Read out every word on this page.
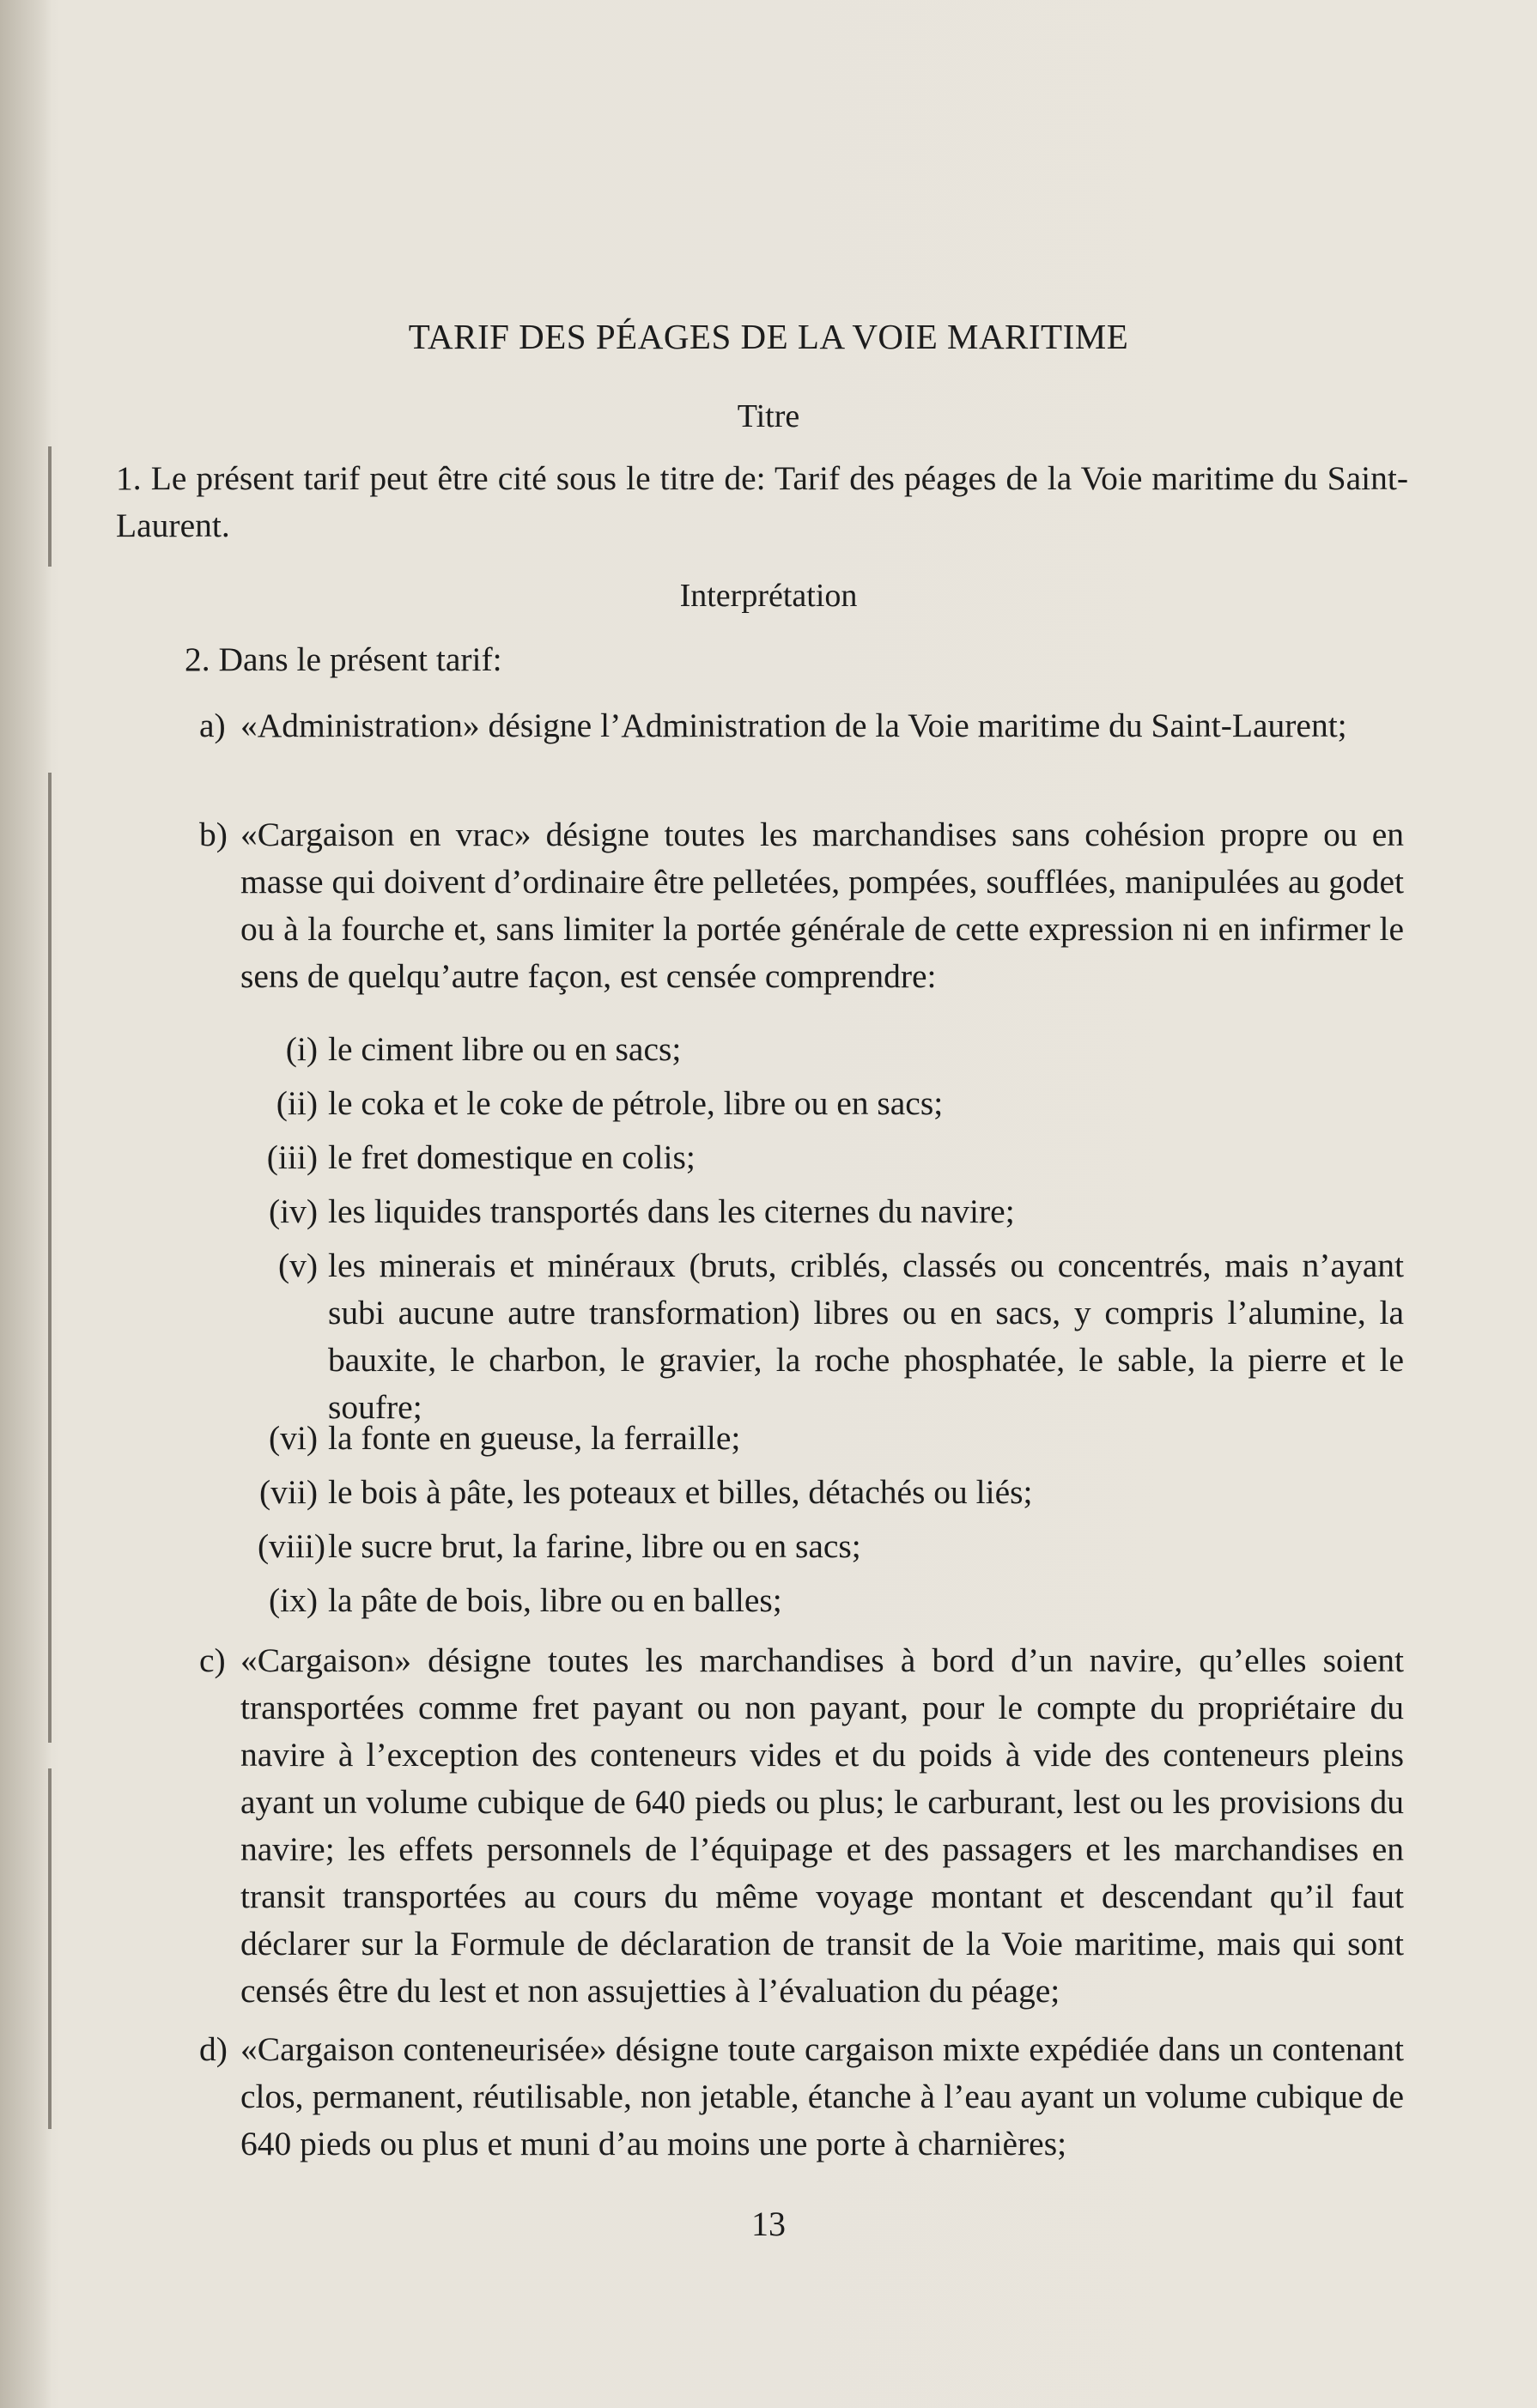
TARIF DES PÉAGES DE LA VOIE MARITIME
Titre
1. Le présent tarif peut être cité sous le titre de: Tarif des péages de la Voie maritime du Saint-Laurent.
Interprétation
2. Dans le présent tarif:
a) «Administration» désigne l’Administration de la Voie maritime du Saint-Laurent;
b) «Cargaison en vrac» désigne toutes les marchandises sans cohésion propre ou en masse qui doivent d’ordinaire être pelletées, pompées, soufflées, manipulées au godet ou à la fourche et, sans limiter la portée générale de cette expression ni en infirmer le sens de quelqu’autre façon, est censée comprendre:
(i) le ciment libre ou en sacs;
(ii) le coka et le coke de pétrole, libre ou en sacs;
(iii) le fret domestique en colis;
(iv) les liquides transportés dans les citernes du navire;
(v) les minerais et minéraux (bruts, criblés, classés ou concentrés, mais n’ayant subi aucune autre transformation) libres ou en sacs, y compris l’alumine, la bauxite, le charbon, le gravier, la roche phosphatée, le sable, la pierre et le soufre;
(vi) la fonte en gueuse, la ferraille;
(vii) le bois à pâte, les poteaux et billes, détachés ou liés;
(viii) le sucre brut, la farine, libre ou en sacs;
(ix) la pâte de bois, libre ou en balles;
c) «Cargaison» désigne toutes les marchandises à bord d’un navire, qu’elles soient transportées comme fret payant ou non payant, pour le compte du propriétaire du navire à l’exception des conteneurs vides et du poids à vide des conteneurs pleins ayant un volume cubique de 640 pieds ou plus; le carburant, lest ou les provisions du navire; les effets personnels de l’équipage et des passagers et les marchandises en transit transportées au cours du même voyage montant et descendant qu’il faut déclarer sur la Formule de déclaration de transit de la Voie maritime, mais qui sont censés être du lest et non assujetties à l’évaluation du péage;
d) «Cargaison conteneurisée» désigne toute cargaison mixte expédiée dans un contenant clos, permanent, réutilisable, non jetable, étanche à l’eau ayant un volume cubique de 640 pieds ou plus et muni d’au moins une porte à charnières;
13
